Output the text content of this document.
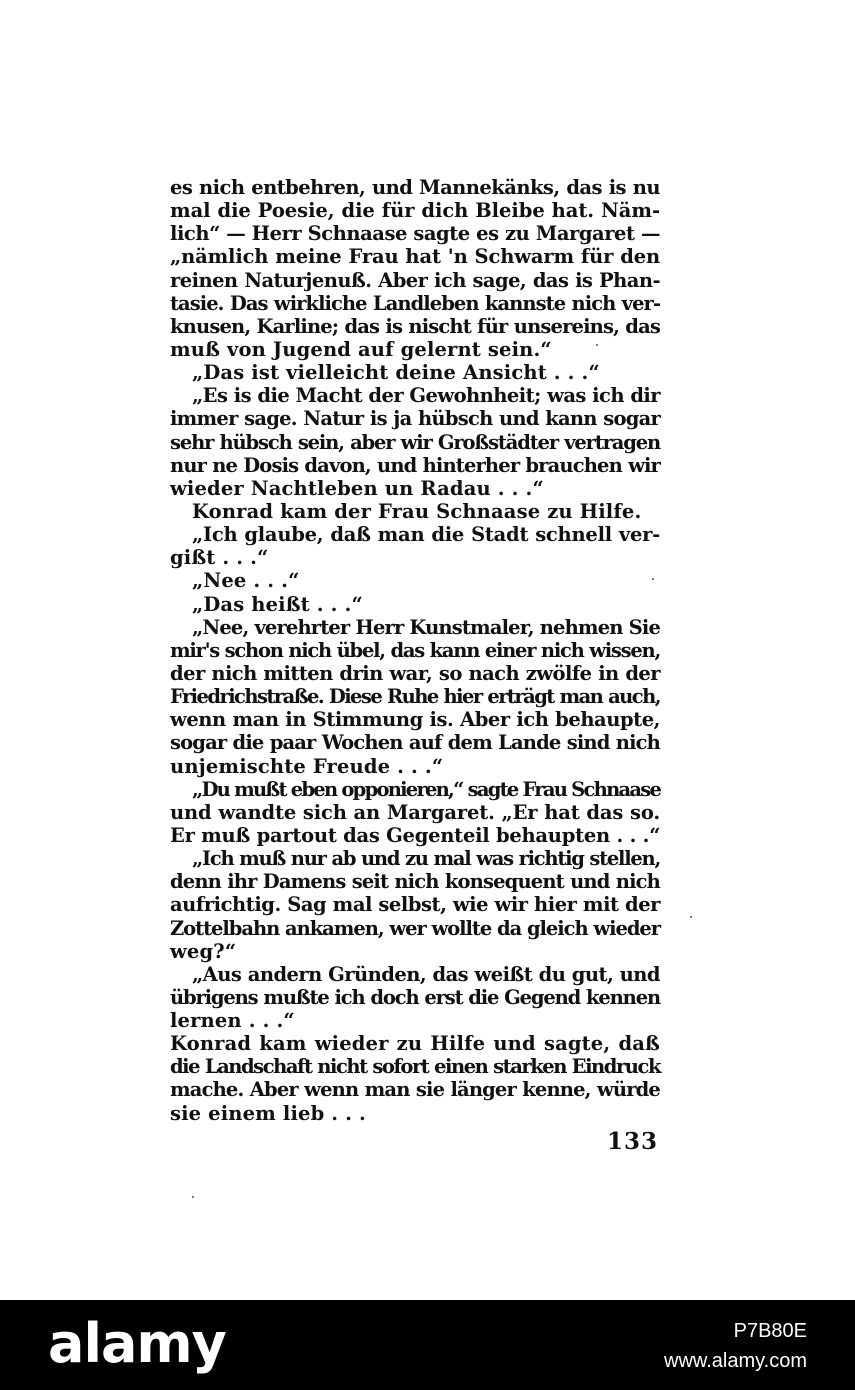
es nich entbehren, und Mannekänks, das is nu
mal die Poesie, die für dich Bleibe hat. Näm-
lich“ — Herr Schnaase sagte es zu Margaret —
„nämlich meine Frau hat 'n Schwarm für den
reinen Naturjenuß. Aber ich sage, das is Phan-
tasie. Das wirkliche Landleben kannste nich ver-
knusen, Karline; das is nischt für unsereins, das
muß von Jugend auf gelernt sein.“
„Das ist vielleicht deine Ansicht . . .“
„Es is die Macht der Gewohnheit; was ich dir
immer sage. Natur is ja hübsch und kann sogar
sehr hübsch sein, aber wir Großstädter vertragen
nur ne Dosis davon, und hinterher brauchen wir
wieder Nachtleben un Radau . . .“
Konrad kam der Frau Schnaase zu Hilfe.
„Ich glaube, daß man die Stadt schnell ver-
gißt . . .“
„Nee . . .“
„Das heißt . . .“
„Nee, verehrter Herr Kunstmaler, nehmen Sie
mir's schon nich übel, das kann einer nich wissen,
der nich mitten drin war, so nach zwölfe in der
Friedrichstraße. Diese Ruhe hier erträgt man auch,
wenn man in Stimmung is. Aber ich behaupte,
sogar die paar Wochen auf dem Lande sind nich
unjemischte Freude . . .“
„Du mußt eben opponieren,“ sagte Frau Schnaase
und wandte sich an Margaret. „Er hat das so.
Er muß partout das Gegenteil behaupten . . .“
„Ich muß nur ab und zu mal was richtig stellen,
denn ihr Damens seit nich konsequent und nich
aufrichtig. Sag mal selbst, wie wir hier mit der
Zottelbahn ankamen, wer wollte da gleich wieder
weg?“
„Aus andern Gründen, das weißt du gut, und
übrigens mußte ich doch erst die Gegend kennen
lernen . . .“
Konrad kam wieder zu Hilfe und sagte, daß
die Landschaft nicht sofort einen starken Eindruck
mache. Aber wenn man sie länger kenne, würde
sie einem lieb . . .
133
alamy	P7B80E
www.alamy.com
